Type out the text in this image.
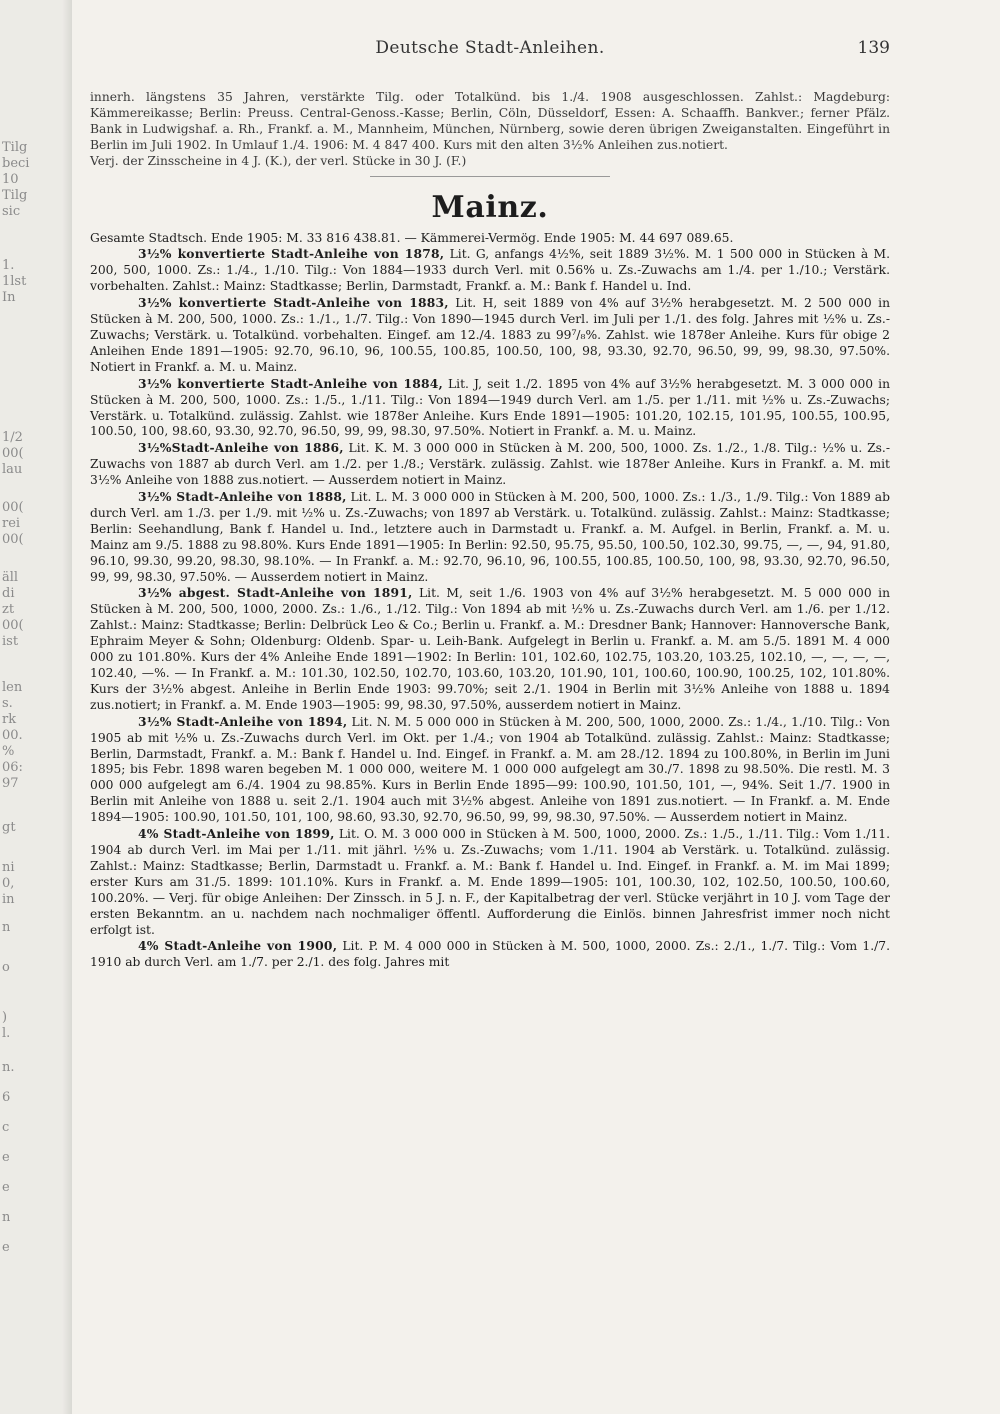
Tilg
beci
10
Tilg
sic
1.
1lst
In
1/2
00(
lau
00(
rei
00(
äll
di
zt
00(
ist
len
s.
rk
00.
%
06:
97
gt
ni
0,
in
n
o
)
l.
n.
6
c
e
e
n
e
Deutsche Stadt-Anleihen.	139

innerh. längstens 35 Jahren, verstärkte Tilg. oder Totalkünd. bis 1./4. 1908 ausgeschlossen. Zahlst.: Magdeburg: Kämmereikasse; Berlin: Preuss. Central-Genoss.-Kasse; Berlin, Cöln, Düsseldorf, Essen: A. Schaaffh. Bankver.; ferner Pfälz. Bank in Ludwigshaf. a. Rh., Frankf. a. M., Mannheim, München, Nürnberg, sowie deren übrigen Zweiganstalten. Eingeführt in Berlin im Juli 1902. In Umlauf 1./4. 1906: M. 4 847 400. Kurs mit den alten 3½% Anleihen zus.notiert.

Verj. der Zinsscheine in 4 J. (K.), der verl. Stücke in 30 J. (F.)

Mainz.

Gesamte Stadtsch. Ende 1905: M. 33 816 438.81. — Kämmerei-Vermög. Ende 1905: M. 44 697 089.65.

3½% konvertierte Stadt-Anleihe von 1878, Lit. G, anfangs 4½%, seit 1889 3½%. M. 1 500 000 in Stücken à M. 200, 500, 1000. Zs.: 1./4., 1./10. Tilg.: Von 1884—1933 durch Verl. mit 0.56% u. Zs.-Zuwachs am 1./4. per 1./10.; Verstärk. vorbehalten. Zahlst.: Mainz: Stadtkasse; Berlin, Darmstadt, Frankf. a. M.: Bank f. Handel u. Ind.

3½% konvertierte Stadt-Anleihe von 1883, Lit. H, seit 1889 von 4% auf 3½% herabgesetzt. M. 2 500 000 in Stücken à M. 200, 500, 1000. Zs.: 1./1., 1./7. Tilg.: Von 1890—1945 durch Verl. im Juli per 1./1. des folg. Jahres mit ½% u. Zs.-Zuwachs; Verstärk. u. Totalkünd. vorbehalten. Eingef. am 12./4. 1883 zu 99⁷/₈%. Zahlst. wie 1878er Anleihe. Kurs für obige 2 Anleihen Ende 1891—1905: 92.70, 96.10, 96, 100.55, 100.85, 100.50, 100, 98, 93.30, 92.70, 96.50, 99, 99, 98.30, 97.50%. Notiert in Frankf. a. M. u. Mainz.

3½% konvertierte Stadt-Anleihe von 1884, Lit. J, seit 1./2. 1895 von 4% auf 3½% herabgesetzt. M. 3 000 000 in Stücken à M. 200, 500, 1000. Zs.: 1./5., 1./11. Tilg.: Von 1894—1949 durch Verl. am 1./5. per 1./11. mit ½% u. Zs.-Zuwachs; Verstärk. u. Totalkünd. zulässig. Zahlst. wie 1878er Anleihe. Kurs Ende 1891—1905: 101.20, 102.15, 101.95, 100.55, 100.95, 100.50, 100, 98.60, 93.30, 92.70, 96.50, 99, 99, 98.30, 97.50%. Notiert in Frankf. a. M. u. Mainz.

3½%Stadt-Anleihe von 1886, Lit. K. M. 3 000 000 in Stücken à M. 200, 500, 1000. Zs. 1./2., 1./8. Tilg.: ½% u. Zs.-Zuwachs von 1887 ab durch Verl. am 1./2. per 1./8.; Verstärk. zulässig. Zahlst. wie 1878er Anleihe. Kurs in Frankf. a. M. mit 3½% Anleihe von 1888 zus.notiert. — Ausserdem notiert in Mainz.

3½% Stadt-Anleihe von 1888, Lit. L. M. 3 000 000 in Stücken à M. 200, 500, 1000. Zs.: 1./3., 1./9. Tilg.: Von 1889 ab durch Verl. am 1./3. per 1./9. mit ½% u. Zs.-Zuwachs; von 1897 ab Verstärk. u. Totalkünd. zulässig. Zahlst.: Mainz: Stadtkasse; Berlin: Seehandlung, Bank f. Handel u. Ind., letztere auch in Darmstadt u. Frankf. a. M. Aufgel. in Berlin, Frankf. a. M. u. Mainz am 9./5. 1888 zu 98.80%. Kurs Ende 1891—1905: In Berlin: 92.50, 95.75, 95.50, 100.50, 102.30, 99.75, —, —, 94, 91.80, 96.10, 99.30, 99.20, 98.30, 98.10%. — In Frankf. a. M.: 92.70, 96.10, 96, 100.55, 100.85, 100.50, 100, 98, 93.30, 92.70, 96.50, 99, 99, 98.30, 97.50%. — Ausserdem notiert in Mainz.

3½% abgest. Stadt-Anleihe von 1891, Lit. M, seit 1./6. 1903 von 4% auf 3½% herabgesetzt. M. 5 000 000 in Stücken à M. 200, 500, 1000, 2000. Zs.: 1./6., 1./12. Tilg.: Von 1894 ab mit ½% u. Zs.-Zuwachs durch Verl. am 1./6. per 1./12. Zahlst.: Mainz: Stadtkasse; Berlin: Delbrück Leo & Co.; Berlin u. Frankf. a. M.: Dresdner Bank; Hannover: Hannoversche Bank, Ephraim Meyer & Sohn; Oldenburg: Oldenb. Spar- u. Leih-Bank. Aufgelegt in Berlin u. Frankf. a. M. am 5./5. 1891 M. 4 000 000 zu 101.80%. Kurs der 4% Anleihe Ende 1891—1902: In Berlin: 101, 102.60, 102.75, 103.20, 103.25, 102.10, —, —, —, —, 102.40, —%. — In Frankf. a. M.: 101.30, 102.50, 102.70, 103.60, 103.20, 101.90, 101, 100.60, 100.90, 100.25, 102, 101.80%. Kurs der 3½% abgest. Anleihe in Berlin Ende 1903: 99.70%; seit 2./1. 1904 in Berlin mit 3½% Anleihe von 1888 u. 1894 zus.notiert; in Frankf. a. M. Ende 1903—1905: 99, 98.30, 97.50%, ausserdem notiert in Mainz.

3½% Stadt-Anleihe von 1894, Lit. N. M. 5 000 000 in Stücken à M. 200, 500, 1000, 2000. Zs.: 1./4., 1./10. Tilg.: Von 1905 ab mit ½% u. Zs.-Zuwachs durch Verl. im Okt. per 1./4.; von 1904 ab Totalkünd. zulässig. Zahlst.: Mainz: Stadtkasse; Berlin, Darmstadt, Frankf. a. M.: Bank f. Handel u. Ind. Eingef. in Frankf. a. M. am 28./12. 1894 zu 100.80%, in Berlin im Juni 1895; bis Febr. 1898 waren begeben M. 1 000 000, weitere M. 1 000 000 aufgelegt am 30./7. 1898 zu 98.50%. Die restl. M. 3 000 000 aufgelegt am 6./4. 1904 zu 98.85%. Kurs in Berlin Ende 1895—99: 100.90, 101.50, 101, —, 94%. Seit 1./7. 1900 in Berlin mit Anleihe von 1888 u. seit 2./1. 1904 auch mit 3½% abgest. Anleihe von 1891 zus.notiert. — In Frankf. a. M. Ende 1894—1905: 100.90, 101.50, 101, 100, 98.60, 93.30, 92.70, 96.50, 99, 99, 98.30, 97.50%. — Ausserdem notiert in Mainz.

4% Stadt-Anleihe von 1899, Lit. O. M. 3 000 000 in Stücken à M. 500, 1000, 2000. Zs.: 1./5., 1./11. Tilg.: Vom 1./11. 1904 ab durch Verl. im Mai per 1./11. mit jährl. ½% u. Zs.-Zuwachs; vom 1./11. 1904 ab Verstärk. u. Totalkünd. zulässig. Zahlst.: Mainz: Stadtkasse; Berlin, Darmstadt u. Frankf. a. M.: Bank f. Handel u. Ind. Eingef. in Frankf. a. M. im Mai 1899; erster Kurs am 31./5. 1899: 101.10%. Kurs in Frankf. a. M. Ende 1899—1905: 101, 100.30, 102, 102.50, 100.50, 100.60, 100.20%. — Verj. für obige Anleihen: Der Zinssch. in 5 J. n. F., der Kapitalbetrag der verl. Stücke verjährt in 10 J. vom Tage der ersten Bekanntm. an u. nachdem nach nochmaliger öffentl. Aufforderung die Einlös. binnen Jahresfrist immer noch nicht erfolgt ist.

4% Stadt-Anleihe von 1900, Lit. P. M. 4 000 000 in Stücken à M. 500, 1000, 2000. Zs.: 2./1., 1./7. Tilg.: Vom 1./7. 1910 ab durch Verl. am 1./7. per 2./1. des folg. Jahres mit
